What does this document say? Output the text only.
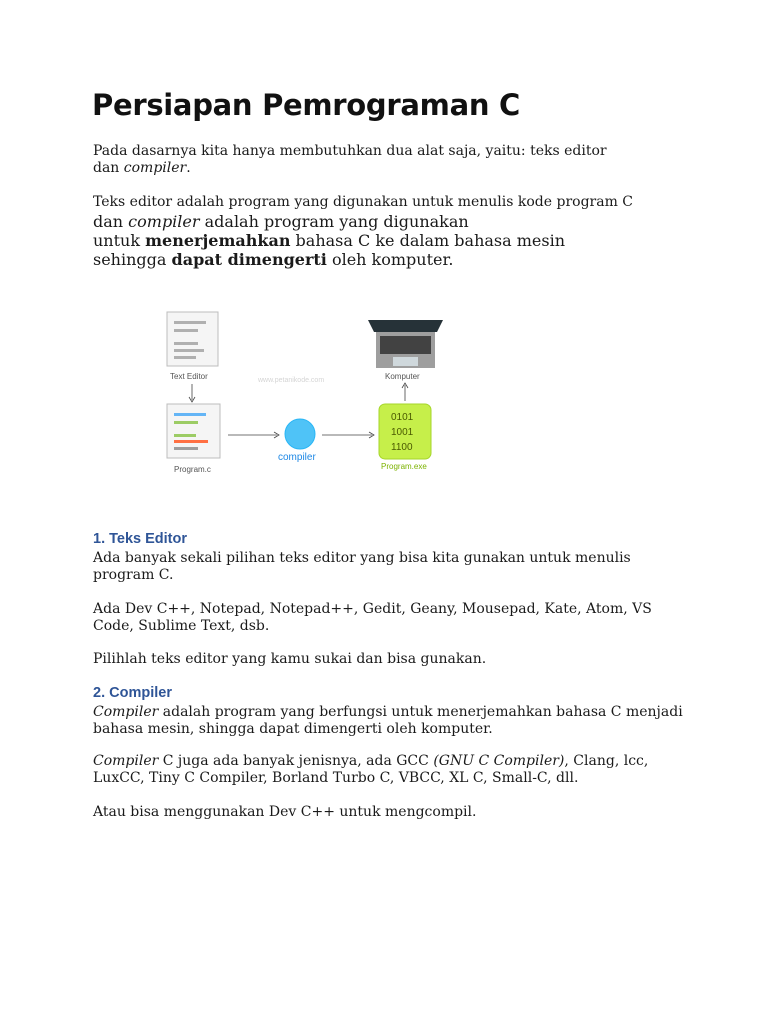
Persiapan Pemrograman C

Pada dasarnya kita hanya membutuhkan dua alat saja, yaitu: teks editor
dan compiler.

Teks editor adalah program yang digunakan untuk menulis kode program C
dan compiler adalah program yang digunakan
untuk menerjemahkan bahasa C ke dalam bahasa mesin
sehingga dapat dimengerti oleh komputer.
www.petanikode.com
Text Editor
Program.c
compiler
0101
1001
1100
Program.exe
Komputer
1. Teks Editor

Ada banyak sekali pilihan teks editor yang bisa kita gunakan untuk menulis
program C.

Ada Dev C++, Notepad, Notepad++, Gedit, Geany, Mousepad, Kate, Atom, VS
Code, Sublime Text, dsb.

Pilihlah teks editor yang kamu sukai dan bisa gunakan.

2. Compiler

Compiler adalah program yang berfungsi untuk menerjemahkan bahasa C menjadi
bahasa mesin, shingga dapat dimengerti oleh komputer.

Compiler C juga ada banyak jenisnya, ada GCC (GNU C Compiler), Clang, lcc,
LuxCC, Tiny C Compiler, Borland Turbo C, VBCC, XL C, Small-C, dll.

Atau bisa menggunakan Dev C++ untuk mengcompil.
